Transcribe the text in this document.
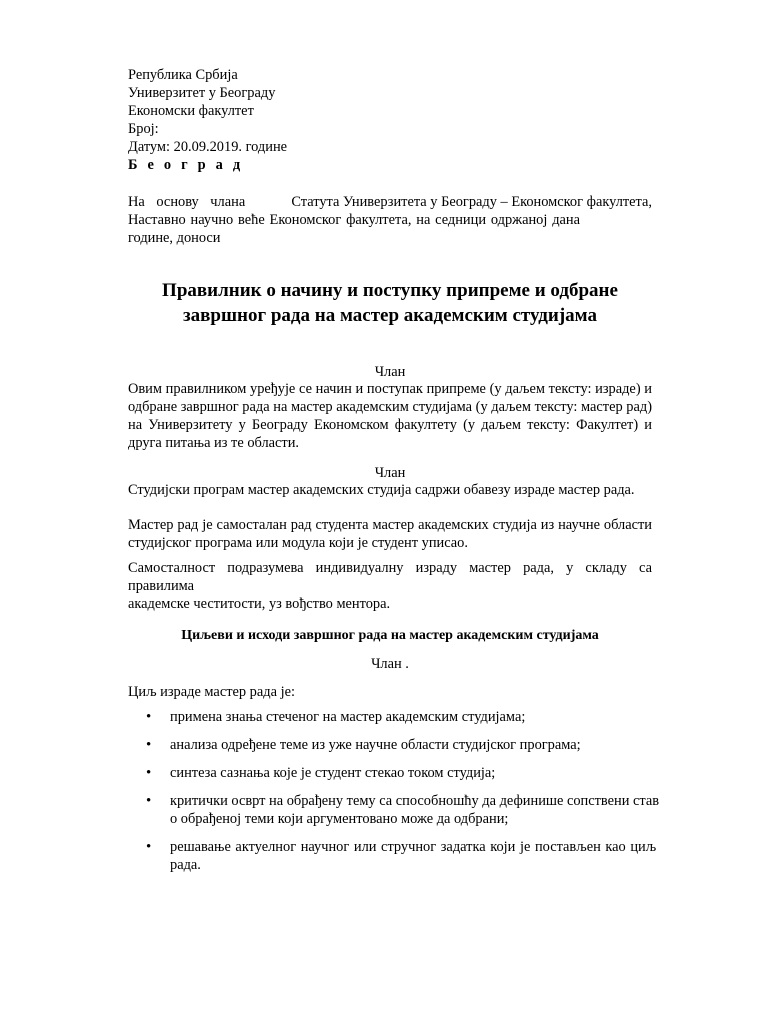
Република Србија
Универзитет у Београду
Економски факултет
Број:
Датум: 20.09.2019. године
Б е о г р а д
На основу члана	Статута Универзитета у Београду – Економског факултета,
Наставно научно веће Економског факултета, на седници одржаној дана
године, доноси
Правилник о начину и поступку припреме и одбране
завршног рада на мастер академским студијама
Члан
Овим правилником уређује се начин и поступак припреме (у даљем тексту: израде) и
одбране завршног рада на мастер академским студијама (у даљем тексту: мастер рад)
на Универзитету у Београду Економском факултету (у даљем тексту: Факултет) и
друга питања из те области.
Члан
Студијски програм мастер академских студија садржи обавезу израде мастер рада.
Мастер рад је самосталан рад студента мастер академских студија из научне области
студијског програма или модула који је студент уписао.
Самосталност подразумева индивидуалну израду мастер рада, у складу са правилима
академске честитости, уз вођство ментора.
Циљеви и исходи завршног рада на мастер академским студијама
Члан .
Циљ израде мастер рада је:
• примена знања стеченог на мастер академским студијама;
• анализа одређене теме из уже научне области студијског програма;
• синтеза сазнања које је студент стекао током студија;
• критички осврт на обрађену тему са способношћу да дефинише сопствени став
о обрађеној теми који аргументовано може да одбрани;
• решавање актуелног научног или стручног задатка који је постављен као циљ
рада.
